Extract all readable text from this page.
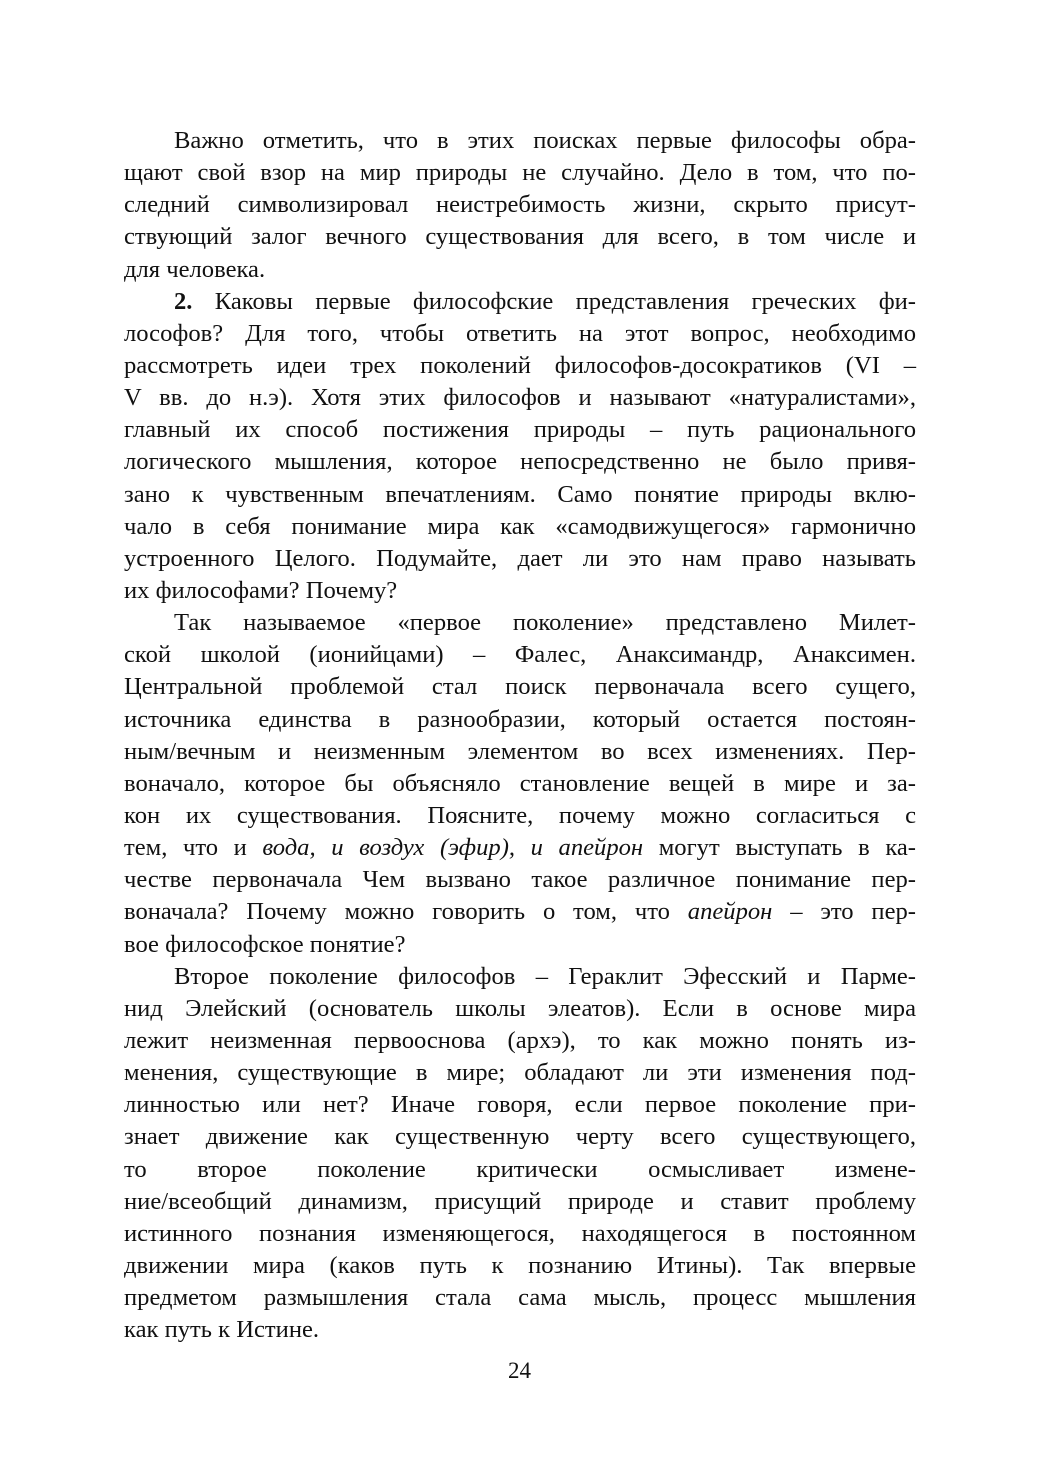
Важно отметить, что в этих поисках первые философы обра-
щают свой взор на мир природы не случайно. Дело в том, что по-
следний символизировал неистребимость жизни, скрыто присут-
ствующий залог вечного существования для всего, в том числе и
для человека.
2. Каковы первые философские представления греческих фи-
лософов? Для того, чтобы ответить на этот вопрос, необходимо
рассмотреть идеи трех поколений философов-досократиков (VI –
V вв. до н.э). Хотя этих философов и называют «натуралистами»,
главный их способ постижения природы – путь рационального
логического мышления, которое непосредственно не было привя-
зано к чувственным впечатлениям. Само понятие природы вклю-
чало в себя понимание мира как «самодвижущегося» гармонично
устроенного Целого. Подумайте, дает ли это нам право называть
их философами? Почему?
Так называемое «первое поколение» представлено Милет-
ской школой (ионийцами) – Фалес, Анаксимандр, Анаксимен.
Центральной проблемой стал поиск первоначала всего сущего,
источника единства в разнообразии, который остается постоян-
ным/вечным и неизменным элементом во всех изменениях. Пер-
воначало, которое бы объясняло становление вещей в мире и за-
кон их существования. Поясните, почему можно согласиться с
тем, что и вода, и воздух (эфир), и апейрон могут выступать в ка-
честве первоначала Чем вызвано такое различное понимание пер-
воначала? Почему можно говорить о том, что апейрон – это пер-
вое философское понятие?
Второе поколение философов – Гераклит Эфесский и Парме-
нид Элейский (основатель школы элеатов). Если в основе мира
лежит неизменная первооснова (архэ), то как можно понять из-
менения, существующие в мире; обладают ли эти изменения под-
линностью или нет? Иначе говоря, если первое поколение при-
знает движение как существенную черту всего существующего,
то второе поколение критически осмысливает измене-
ние/всеобщий динамизм, присущий природе и ставит проблему
истинного познания изменяющегося, находящегося в постоянном
движении мира (каков путь к познанию Итины). Так впервые
предметом размышления стала сама мысль, процесс мышления
как путь к Истине.
24
